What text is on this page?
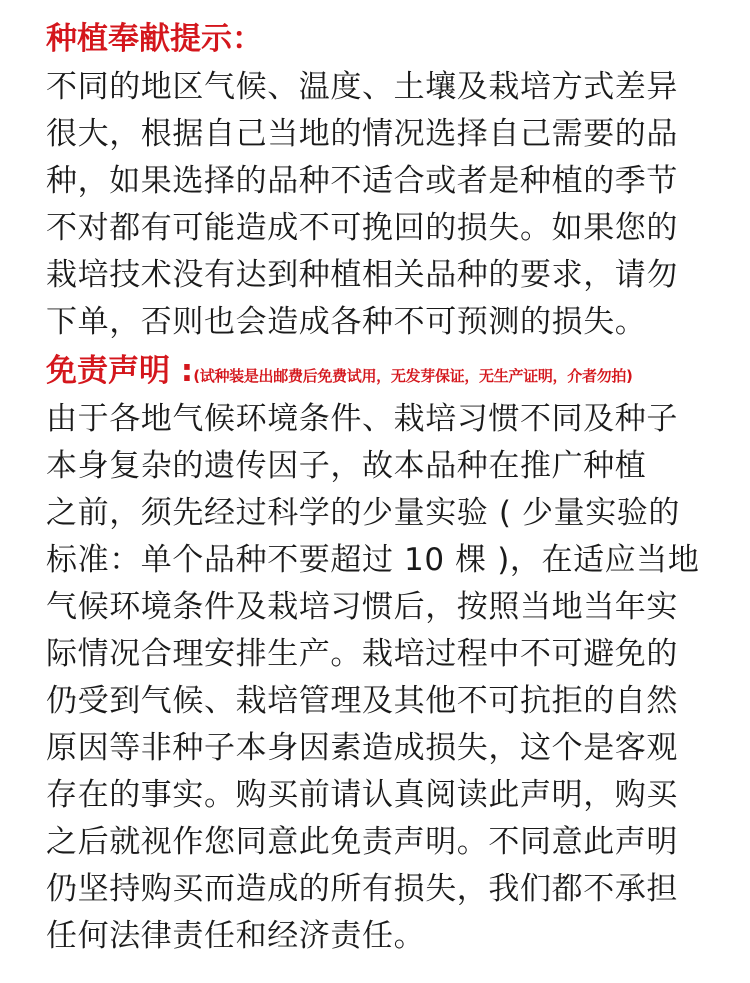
种植奉献提示：
不同的地区气候、温度、土壤及栽培方式差异
很大，根据自己当地的情况选择自己需要的品
种，如果选择的品种不适合或者是种植的季节
不对都有可能造成不可挽回的损失。如果您的
栽培技术没有达到种植相关品种的要求，请勿
下单，否则也会造成各种不可预测的损失。
免责声明 :(试种装是出邮费后免费试用，无发芽保证，无生产证明，介者勿拍)
由于各地气候环境条件、栽培习惯不同及种子
本身复杂的遗传因子，故本品种在推广种植
之前，须先经过科学的少量实验 ( 少量实验的
标准：单个品种不要超过 10 棵 )，在适应当地
气候环境条件及栽培习惯后，按照当地当年实
际情况合理安排生产。栽培过程中不可避免的
仍受到气候、栽培管理及其他不可抗拒的自然
原因等非种子本身因素造成损失，这个是客观
存在的事实。购买前请认真阅读此声明，购买
之后就视作您同意此免责声明。不同意此声明
仍坚持购买而造成的所有损失，我们都不承担
任何法律责任和经济责任。
